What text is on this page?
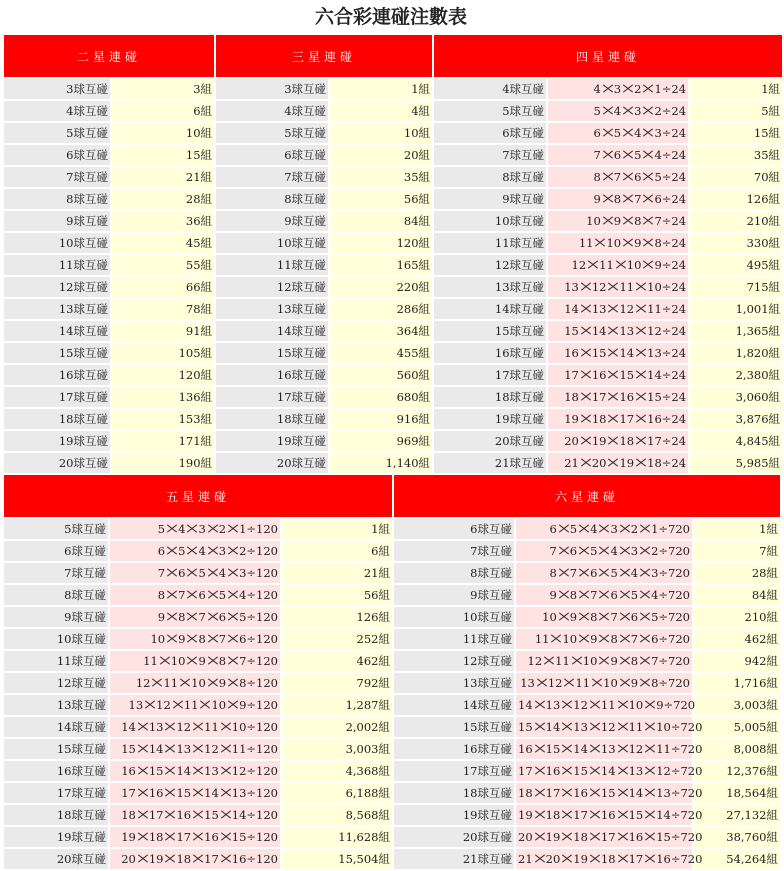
六合彩連碰注數表
二星連碰		三星連碰		四星連碰		
3球互碰	3組	3球互碰	1組	4球互碰	4 3 2 1÷24	1組
4球互碰	6組	4球互碰	4組	5球互碰	5 4 3 2÷24	5組
5球互碰	10組	5球互碰	10組	6球互碰	6 5 4 3÷24	15組
6球互碰	15組	6球互碰	20組	7球互碰	7 6 5 4÷24	35組
7球互碰	21組	7球互碰	35組	8球互碰	8 7 6 5÷24	70組
8球互碰	28組	8球互碰	56組	9球互碰	9 8 7 6÷24	126組
9球互碰	36組	9球互碰	84組	10球互碰	10 9 8 7÷24	210組
10球互碰	45組	10球互碰	120組	11球互碰	11 10 9 8÷24	330組
11球互碰	55組	11球互碰	165組	12球互碰	12 11 10 9÷24	495組
12球互碰	66組	12球互碰	220組	13球互碰	13 12 11 10÷24	715組
13球互碰	78組	13球互碰	286組	14球互碰	14 13 12 11÷24	1,001組
14球互碰	91組	14球互碰	364組	15球互碰	15 14 13 12÷24	1,365組
15球互碰	105組	15球互碰	455組	16球互碰	16 15 14 13÷24	1,820組
16球互碰	120組	16球互碰	560組	17球互碰	17 16 15 14÷24	2,380組
17球互碰	136組	17球互碰	680組	18球互碰	18 17 16 15÷24	3,060組
18球互碰	153組	18球互碰	916組	19球互碰	19 18 17 16÷24	3,876組
19球互碰	171組	19球互碰	969組	20球互碰	20 19 18 17÷24	4,845組
20球互碰	190組	20球互碰	1,140組	21球互碰	21 20 19 18÷24	5,985組
五星連碰			六星連碰		
5球互碰	5 4 3 2 1÷120	1組	6球互碰	6 5 4 3 2 1÷720	1組
6球互碰	6 5 4 3 2÷120	6組	7球互碰	7 6 5 4 3 2÷720	7組
7球互碰	7 6 5 4 3÷120	21組	8球互碰	8 7 6 5 4 3÷720	28組
8球互碰	8 7 6 5 4÷120	56組	9球互碰	9 8 7 6 5 4÷720	84組
9球互碰	9 8 7 6 5÷120	126組	10球互碰	10 9 8 7 6 5÷720	210組
10球互碰	10 9 8 7 6÷120	252組	11球互碰	11 10 9 8 7 6÷720	462組
11球互碰	11 10 9 8 7÷120	462組	12球互碰	12 11 10 9 8 7÷720	942組
12球互碰	12 11 10 9 8÷120	792組	13球互碰	13 12 11 10 9 8÷720	1,716組
13球互碰	13 12 11 10 9÷120	1,287組	14球互碰	14 13 12 11 10 9÷720	3,003組
14球互碰	14 13 12 11 10÷120	2,002組	15球互碰	15 14 13 12 11 10÷720	5,005組
15球互碰	15 14 13 12 11÷120	3,003組	16球互碰	16 15 14 13 12 11÷720	8,008組
16球互碰	16 15 14 13 12÷120	4,368組	17球互碰	17 16 15 14 13 12÷720	12,376組
17球互碰	17 16 15 14 13÷120	6,188組	18球互碰	18 17 16 15 14 13÷720	18,564組
18球互碰	18 17 16 15 14÷120	8,568組	19球互碰	19 18 17 16 15 14÷720	27,132組
19球互碰	19 18 17 16 15÷120	11,628組	20球互碰	20 19 18 17 16 15÷720	38,760組
20球互碰	20 19 18 17 16÷120	15,504組	21球互碰	21 20 19 18 17 16÷720	54,264組
